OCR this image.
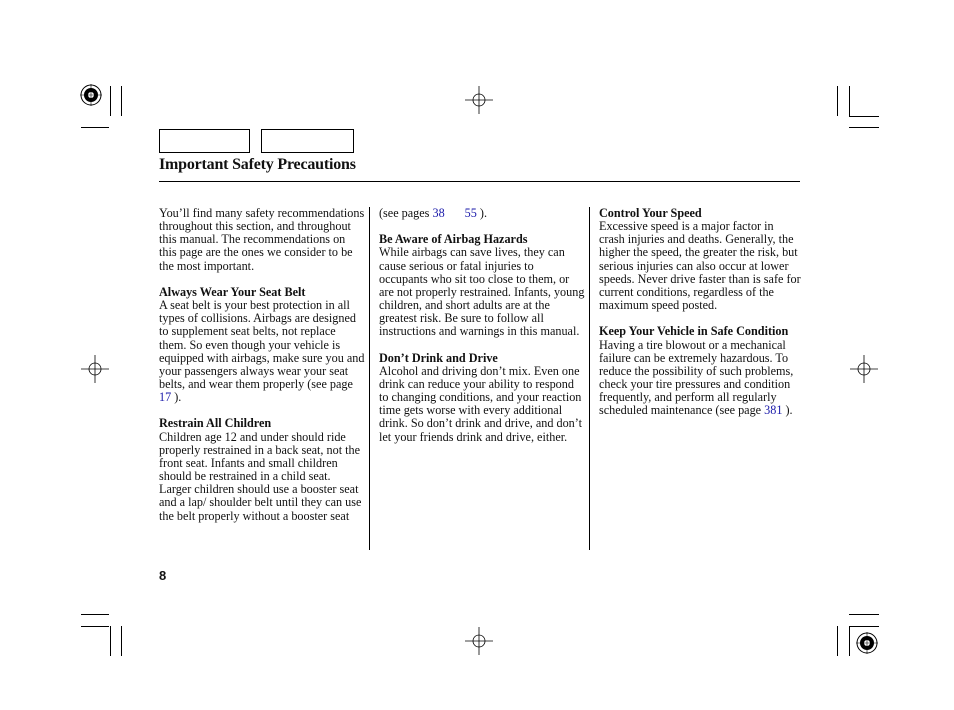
Important Safety Precautions

You’ll find many safety recommendations throughout this section, and throughout this manual. The recommendations on this page are the ones we consider to be the most important.

Always Wear Your Seat Belt

A seat belt is your best protection in all types of collisions. Airbags are designed to supplement seat belts, not replace them. So even though your vehicle is equipped with airbags, make sure you and your passengers always wear your seat belts, and wear them properly (see page 17 ).

Restrain All Children

Children age 12 and under should ride properly restrained in a back seat, not the front seat. Infants and small children should be restrained in a child seat. Larger children should use a booster seat and a lap/ shoulder belt until they can use the belt properly without a booster seat

(see pages 38 55 ).

Be Aware of Airbag Hazards

While airbags can save lives, they can cause serious or fatal injuries to occupants who sit too close to them, or are not properly restrained. Infants, young children, and short adults are at the greatest risk. Be sure to follow all instructions and warnings in this manual.

Don’t Drink and Drive

Alcohol and driving don’t mix. Even one drink can reduce your ability to respond to changing conditions, and your reaction time gets worse with every additional drink. So don’t drink and drive, and don’t let your friends drink and drive, either.

Control Your Speed

Excessive speed is a major factor in crash injuries and deaths. Generally, the higher the speed, the greater the risk, but serious injuries can also occur at lower speeds. Never drive faster than is safe for current conditions, regardless of the maximum speed posted.

Keep Your Vehicle in Safe Condition

Having a tire blowout or a mechanical failure can be extremely hazardous. To reduce the possibility of such problems, check your tire pressures and condition frequently, and perform all regularly scheduled maintenance (see page 381 ).

8
